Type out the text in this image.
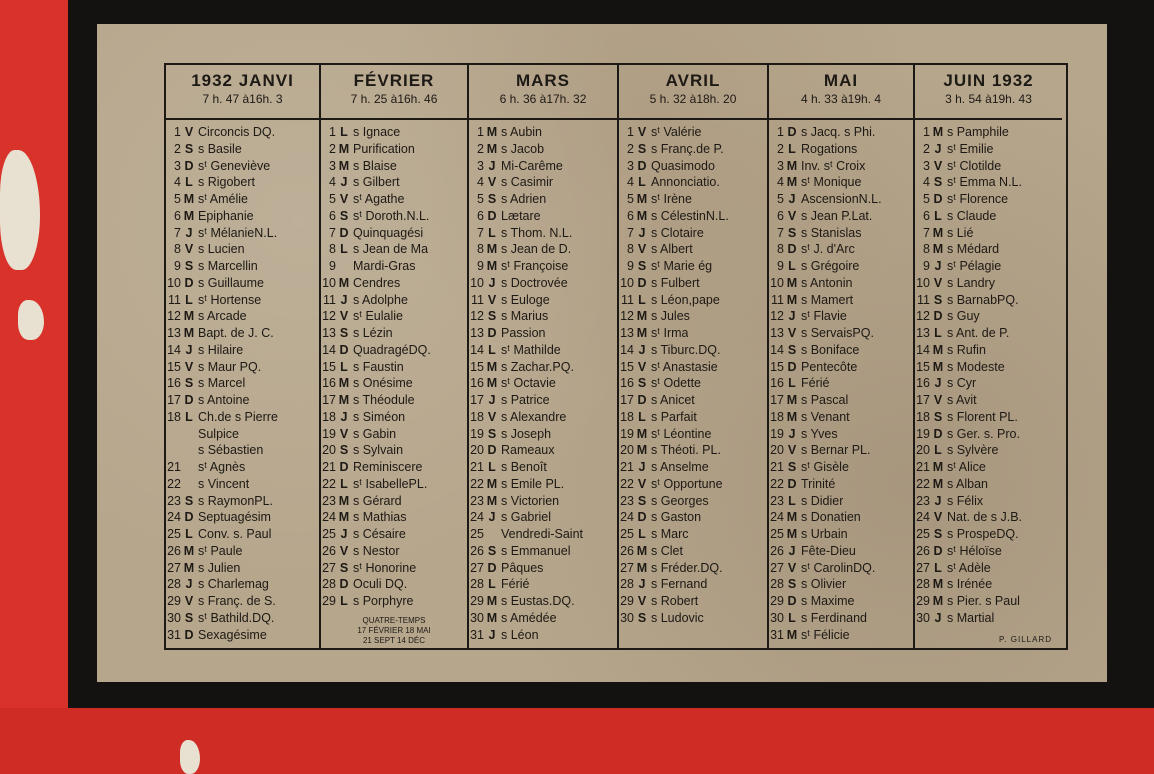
1932 JANVI
7 h. 47 à16h. 3
1 V Circoncis DQ.
2 S s Basile
3 D sᵗ Geneviève
4 L s Rigobert
5 M sᵗ Amélie
6 M Epiphanie
7 J sᵗ MélanieN.L.
8 V s Lucien
9 S s Marcellin
10 D s Guillaume
11 L sᵗ Hortense
12 M s Arcade
13 M Bapt. de J. C.
14 J s Hilaire
15 V s Maur PQ.
16 S s Marcel
17 D s Antoine
18 L Ch.de s Pierre
Sulpice
s Sébastien
21 sᵗ Agnès
22 s Vincent
23 S s RaymonPL.
24 D Septuagésim
25 L Conv. s. Paul
26 M sᵗ Paule
27 M s Julien
28 J s Charlemag
29 V s Franç. de S.
30 S sᵗ Bathild.DQ.
31 D Sexagésime
FÉVRIER
7 h. 25 à16h. 46
1 L s Ignace
2 M Purification
3 M s Blaise
4 J s Gilbert
5 V sᵗ Agathe
6 S sᵗ Doroth.N.L.
7 D Quinquagési
8 L s Jean de Ma
9 Mardi-Gras
10 M Cendres
11 J s Adolphe
12 V sᵗ Eulalie
13 S s Lézin
14 D QuadragéDQ.
15 L s Faustin
16 M s Onésime
17 M s Théodule
18 J s Siméon
19 V s Gabin
20 S s Sylvain
21 D Reminiscere
22 L sᵗ IsabellePL.
23 M s Gérard
24 M s Mathias
25 J s Césaire
26 V s Nestor
27 S sᵗ Honorine
28 D Oculi DQ.
29 L s Porphyre
QUATRE-TEMPS
17 FÉVRIER 18 MAI
21 SEPT 14 DÉC
MARS
6 h. 36 à17h. 32
1 M s Aubin
2 M s Jacob
3 J Mi-Carême
4 V s Casimir
5 S s Adrien
6 D Lætare
7 L s Thom. N.L.
8 M s Jean de D.
9 M sᵗ Françoise
10 J s Doctrovée
11 V s Euloge
12 S s Marius
13 D Passion
14 L sᵗ Mathilde
15 M s Zachar.PQ.
16 M sᵗ Octavie
17 J s Patrice
18 V s Alexandre
19 S s Joseph
20 D Rameaux
21 L s Benoît
22 M s Emile PL.
23 M s Victorien
24 J s Gabriel
25 Vendredi-Saint
26 S s Emmanuel
27 D Pâques
28 L Férié
29 M s Eustas.DQ.
30 M s Amédée
31 J s Léon
AVRIL
5 h. 32 à18h. 20
1 V sᵗ Valérie
2 S s Franç.de P.
3 D Quasimodo
4 L Annonciatio.
5 M sᵗ Irène
6 M s CélestinN.L.
7 J s Clotaire
8 V s Albert
9 S sᵗ Marie ég
10 D s Fulbert
11 L s Léon,pape
12 M s Jules
13 M sᵗ Irma
14 J s Tiburc.DQ.
15 V sᵗ Anastasie
16 S sᵗ Odette
17 D s Anicet
18 L s Parfait
19 M sᵗ Léontine
20 M s Théoti. PL.
21 J s Anselme
22 V sᵗ Opportune
23 S s Georges
24 D s Gaston
25 L s Marc
26 M s Clet
27 M s Fréder.DQ.
28 J s Fernand
29 V s Robert
30 S s Ludovic
MAI
4 h. 33 à19h. 4
1 D s Jacq. s Phi.
2 L Rogations
3 M Inv. sᵗ Croix
4 M sᵗ Monique
5 J AscensionN.L.
6 V s Jean P.Lat.
7 S s Stanislas
8 D sᵗ J. d'Arc
9 L s Grégoire
10 M s Antonin
11 M s Mamert
12 J sᵗ Flavie
13 V s ServaisPQ.
14 S s Boniface
15 D Pentecôte
16 L Férié
17 M s Pascal
18 M s Venant
19 J s Yves
20 V s Bernar PL.
21 S sᵗ Gisèle
22 D Trinité
23 L s Didier
24 M s Donatien
25 M s Urbain
26 J Fête-Dieu
27 V sᵗ CarolinDQ.
28 S s Olivier
29 D s Maxime
30 L s Ferdinand
31 M sᵗ Félicie
JUIN 1932
3 h. 54 à19h. 43
1 M s Pamphile
2 J sᵗ Emilie
3 V sᵗ Clotilde
4 S sᵗ Emma N.L.
5 D sᵗ Florence
6 L s Claude
7 M s Lié
8 M s Médard
9 J sᵗ Pélagie
10 V s Landry
11 S s BarnabPQ.
12 D s Guy
13 L s Ant. de P.
14 M s Rufin
15 M s Modeste
16 J s Cyr
17 V s Avit
18 S s Florent PL.
19 D s Ger. s. Pro.
20 L s Sylvère
21 M sᵗ Alice
22 M s Alban
23 J s Félix
24 V Nat. de s J.B.
25 S s ProspeDQ.
26 D sᵗ Héloïse
27 L sᵗ Adèle
28 M s Irénée
29 M s Pier. s Paul
30 J s Martial
P. GILLARD
